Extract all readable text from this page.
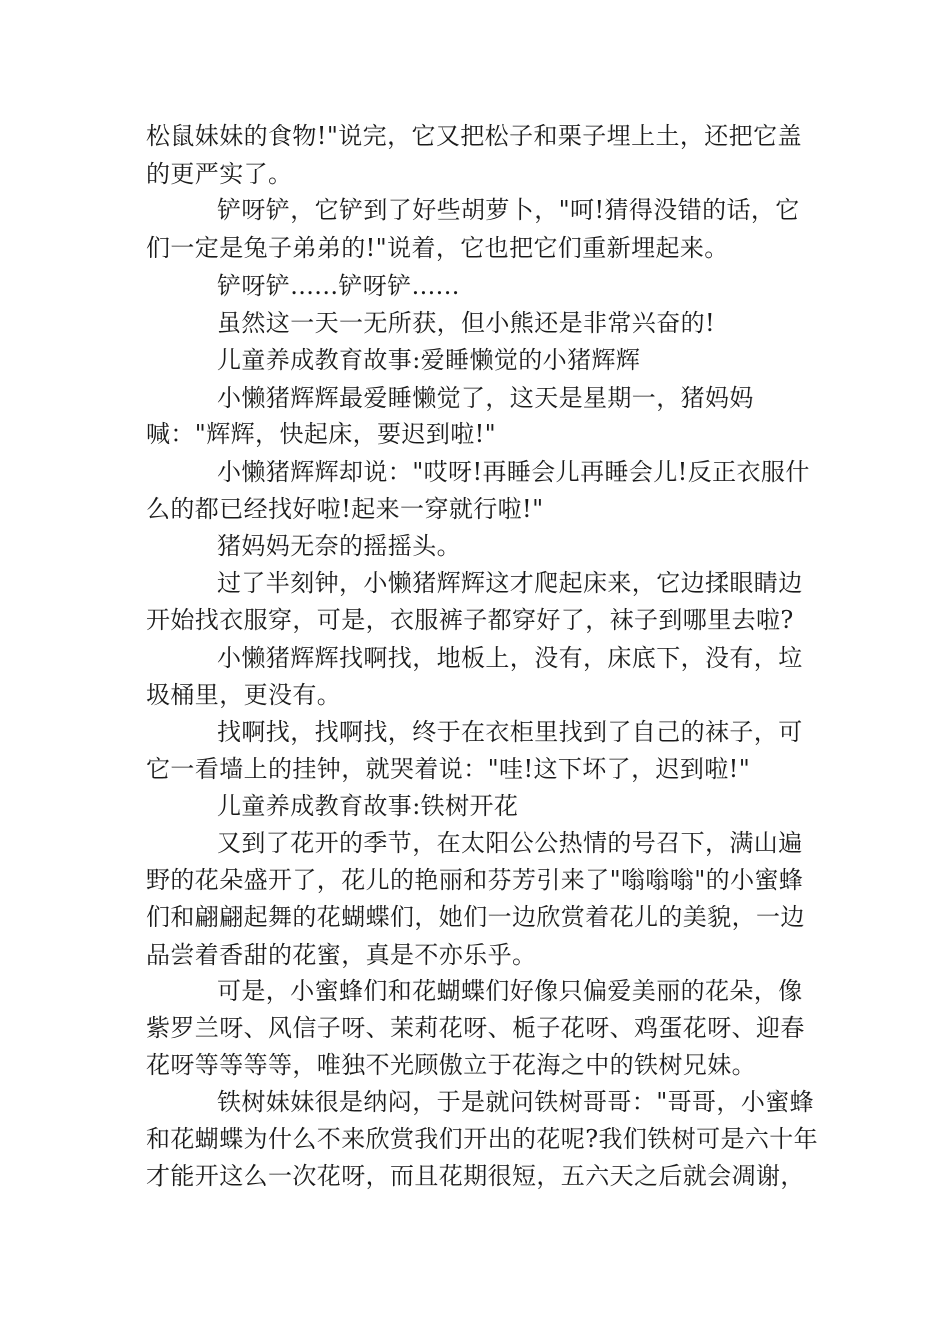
松鼠妹妹的食物!"说完，它又把松子和栗子埋上土，还把它盖
的更严实了。
铲呀铲，它铲到了好些胡萝卜，"呵!猜得没错的话，它
们一定是兔子弟弟的!"说着，它也把它们重新埋起来。
铲呀铲......铲呀铲......
虽然这一天一无所获，但小熊还是非常兴奋的!
儿童养成教育故事:爱睡懒觉的小猪辉辉
小懒猪辉辉最爱睡懒觉了，这天是星期一，猪妈妈
喊："辉辉，快起床，要迟到啦!"
小懒猪辉辉却说："哎呀!再睡会儿再睡会儿!反正衣服什
么的都已经找好啦!起来一穿就行啦!"
猪妈妈无奈的摇摇头。
过了半刻钟，小懒猪辉辉这才爬起床来，它边揉眼睛边
开始找衣服穿，可是，衣服裤子都穿好了，袜子到哪里去啦?
小懒猪辉辉找啊找，地板上，没有，床底下，没有，垃
圾桶里，更没有。
找啊找，找啊找，终于在衣柜里找到了自己的袜子，可
它一看墙上的挂钟，就哭着说："哇!这下坏了，迟到啦!"
儿童养成教育故事:铁树开花
又到了花开的季节，在太阳公公热情的号召下，满山遍
野的花朵盛开了，花儿的艳丽和芬芳引来了"嗡嗡嗡"的小蜜蜂
们和翩翩起舞的花蝴蝶们，她们一边欣赏着花儿的美貌，一边
品尝着香甜的花蜜，真是不亦乐乎。
可是，小蜜蜂们和花蝴蝶们好像只偏爱美丽的花朵，像
紫罗兰呀、风信子呀、茉莉花呀、栀子花呀、鸡蛋花呀、迎春
花呀等等等等，唯独不光顾傲立于花海之中的铁树兄妹。
铁树妹妹很是纳闷，于是就问铁树哥哥："哥哥，小蜜蜂
和花蝴蝶为什么不来欣赏我们开出的花呢?我们铁树可是六十年
才能开这么一次花呀，而且花期很短，五六天之后就会凋谢，
